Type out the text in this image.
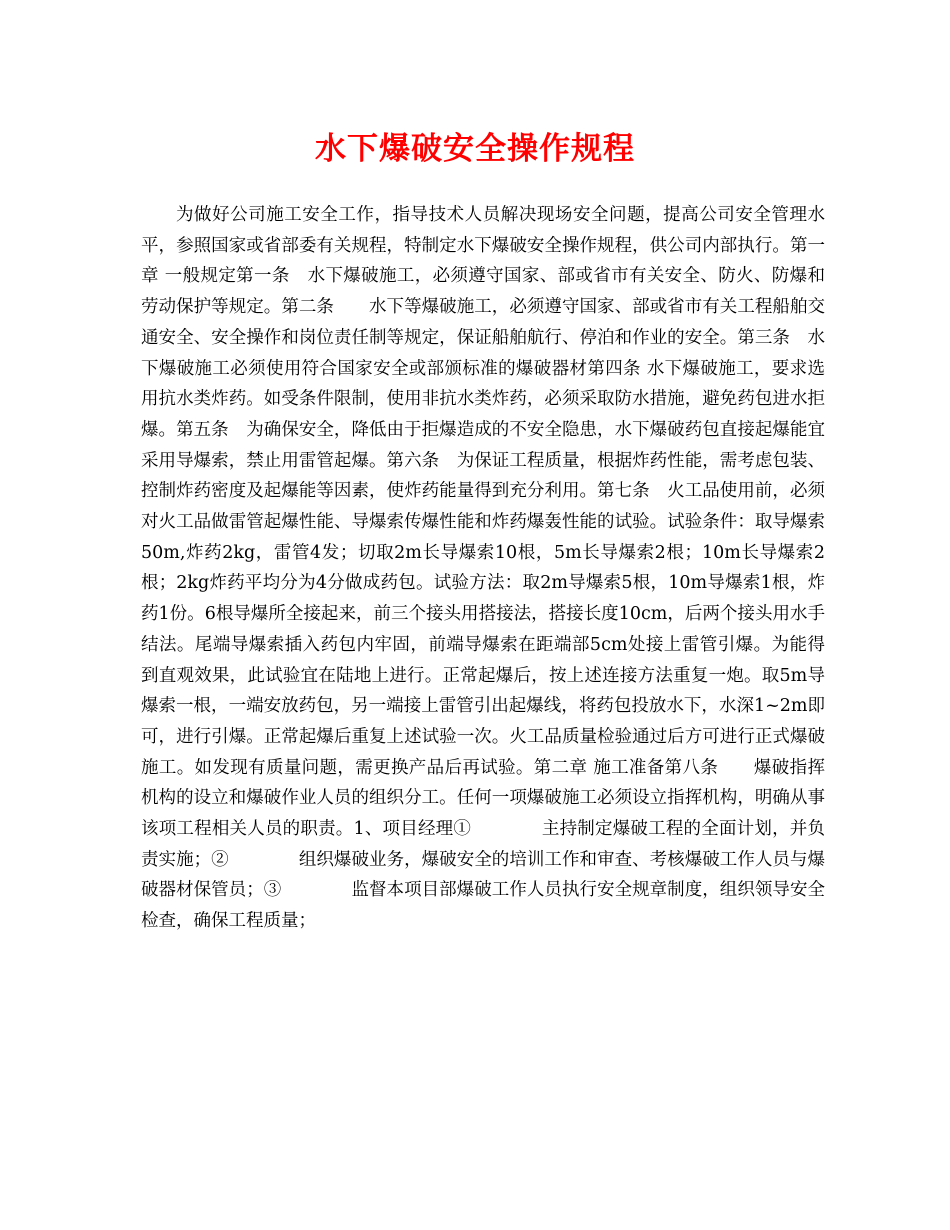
水下爆破安全操作规程

为做好公司施工安全工作，指导技术人员解决现场安全问题，提高公司安全管理水平，参照国家或省部委有关规程，特制定水下爆破安全操作规程，供公司内部执行。第一章 一般规定第一条　水下爆破施工，必须遵守国家、部或省市有关安全、防火、防爆和劳动保护等规定。第二条　　水下等爆破施工，必须遵守国家、部或省市有关工程船舶交通安全、安全操作和岗位责任制等规定，保证船舶航行、停泊和作业的安全。第三条　水下爆破施工必须使用符合国家安全或部颁标准的爆破器材第四条 水下爆破施工，要求选用抗水类炸药。如受条件限制，使用非抗水类炸药，必须采取防水措施，避免药包进水拒爆。第五条　为确保安全，降低由于拒爆造成的不安全隐患，水下爆破药包直接起爆能宜采用导爆索，禁止用雷管起爆。第六条　为保证工程质量，根据炸药性能，需考虑包装、控制炸药密度及起爆能等因素，使炸药能量得到充分利用。第七条　火工品使用前，必须对火工品做雷管起爆性能、导爆索传爆性能和炸药爆轰性能的试验。试验条件：取导爆索50m,炸药2kg，雷管4发；切取2m长导爆索10根，5m长导爆索2根；10m长导爆索2根；2kg炸药平均分为4分做成药包。试验方法：取2m导爆索5根，10m导爆索1根，炸药1份。6根导爆所全接起来，前三个接头用搭接法，搭接长度10cm，后两个接头用水手结法。尾端导爆索插入药包内牢固，前端导爆索在距端部5cm处接上雷管引爆。为能得到直观效果，此试验宜在陆地上进行。正常起爆后，按上述连接方法重复一炮。取5m导爆索一根，一端安放药包，另一端接上雷管引出起爆线，将药包投放水下，水深1~2m即可，进行引爆。正常起爆后重复上述试验一次。火工品质量检验通过后方可进行正式爆破施工。如发现有质量问题，需更换产品后再试验。第二章 施工准备第八条　　爆破指挥机构的设立和爆破作业人员的组织分工。任何一项爆破施工必须设立指挥机构，明确从事该项工程相关人员的职责。1、项目经理①　　　　主持制定爆破工程的全面计划，并负责实施；②　　　　组织爆破业务，爆破安全的培训工作和审查、考核爆破工作人员与爆破器材保管员；③　　　　监督本项目部爆破工作人员执行安全规章制度，组织领导安全检查，确保工程质量；
